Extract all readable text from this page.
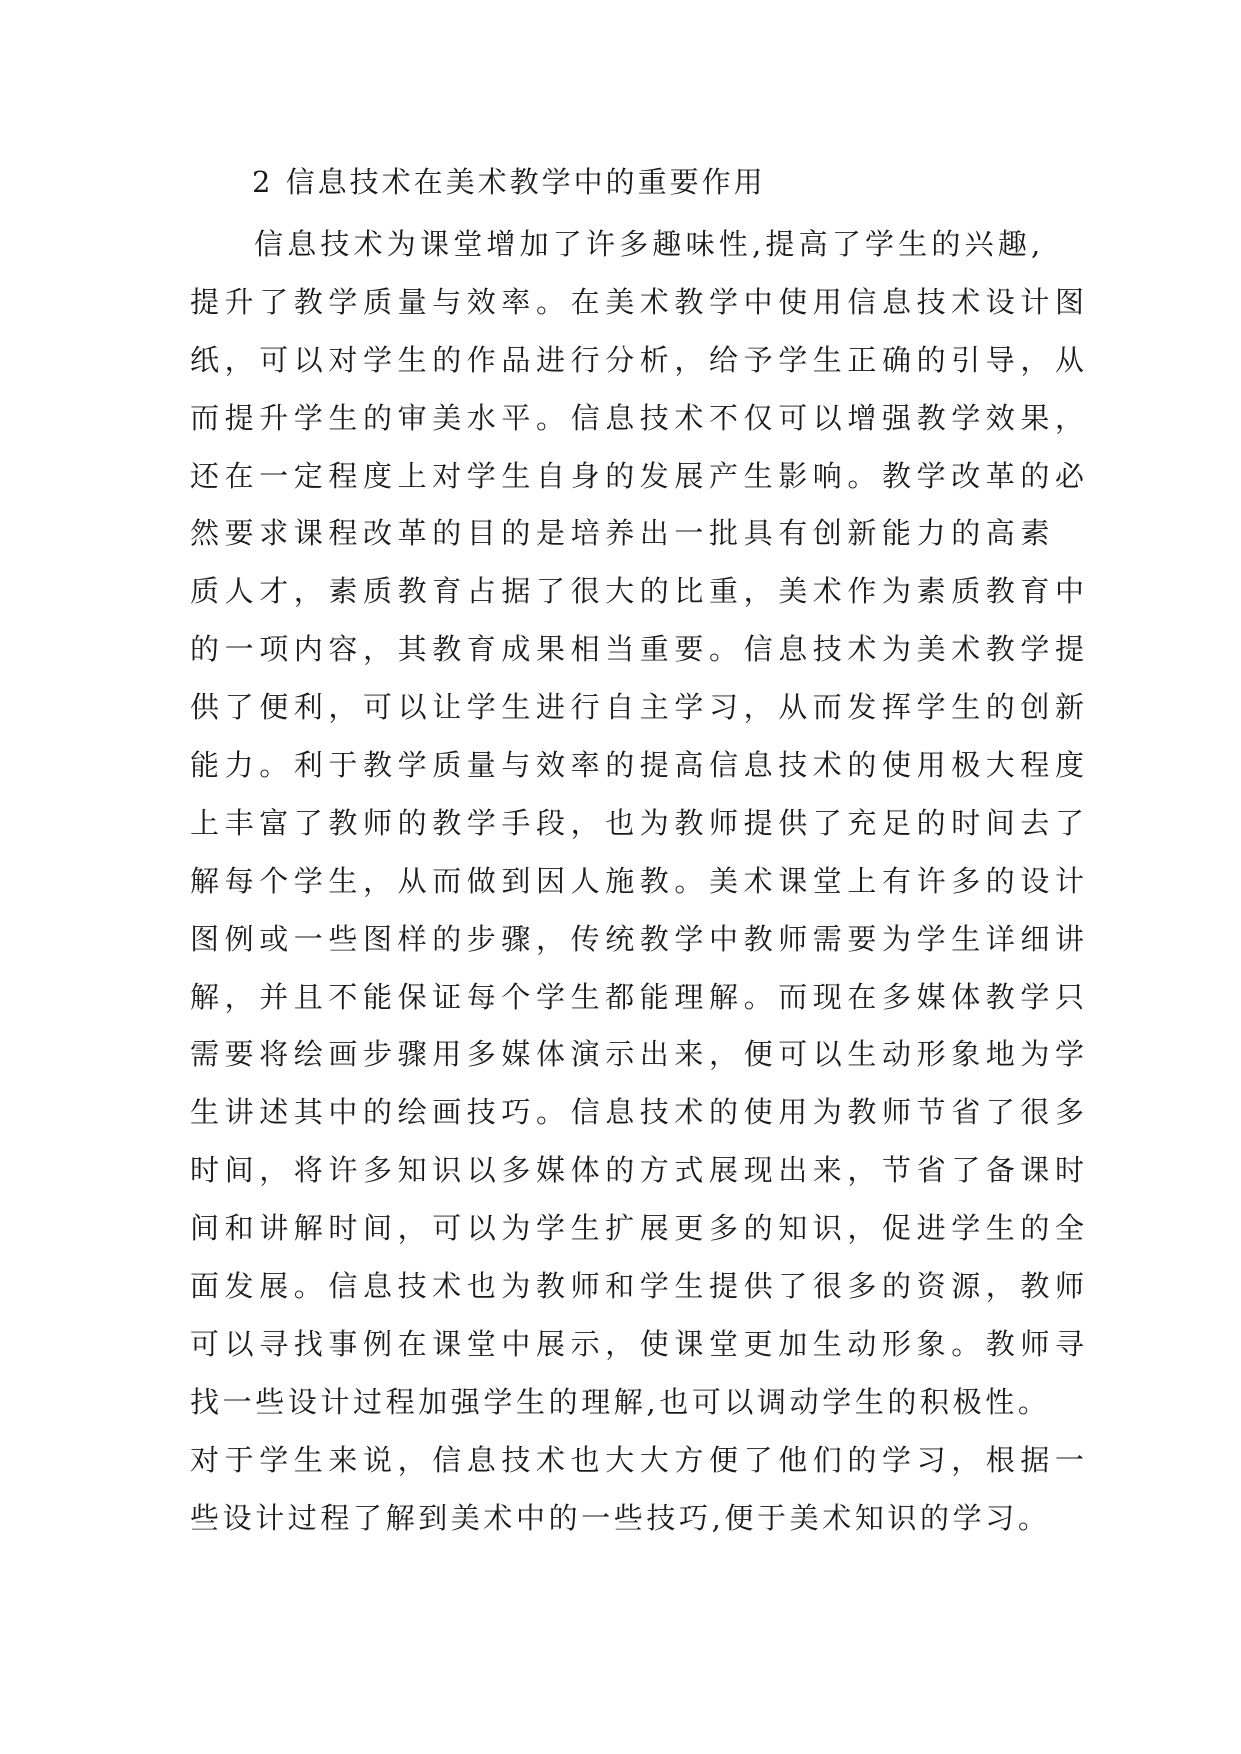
2 信息技术在美术教学中的重要作用
信息技术为课堂增加了许多趣味性,提高了学生的兴趣,
提升了教学质量与效率。在美术教学中使用信息技术设计图
纸，可以对学生的作品进行分析，给予学生正确的引导，从
而提升学生的审美水平。信息技术不仅可以增强教学效果，
还在一定程度上对学生自身的发展产生影响。教学改革的必
然要求课程改革的目的是培养出一批具有创新能力的高素
质人才，素质教育占据了很大的比重，美术作为素质教育中
的一项内容，其教育成果相当重要。信息技术为美术教学提
供了便利，可以让学生进行自主学习，从而发挥学生的创新
能力。利于教学质量与效率的提高信息技术的使用极大程度
上丰富了教师的教学手段，也为教师提供了充足的时间去了
解每个学生，从而做到因人施教。美术课堂上有许多的设计
图例或一些图样的步骤，传统教学中教师需要为学生详细讲
解，并且不能保证每个学生都能理解。而现在多媒体教学只
需要将绘画步骤用多媒体演示出来，便可以生动形象地为学
生讲述其中的绘画技巧。信息技术的使用为教师节省了很多
时间，将许多知识以多媒体的方式展现出来，节省了备课时
间和讲解时间，可以为学生扩展更多的知识，促进学生的全
面发展。信息技术也为教师和学生提供了很多的资源，教师
可以寻找事例在课堂中展示，使课堂更加生动形象。教师寻
找一些设计过程加强学生的理解,也可以调动学生的积极性。
对于学生来说，信息技术也大大方便了他们的学习，根据一
些设计过程了解到美术中的一些技巧,便于美术知识的学习。
